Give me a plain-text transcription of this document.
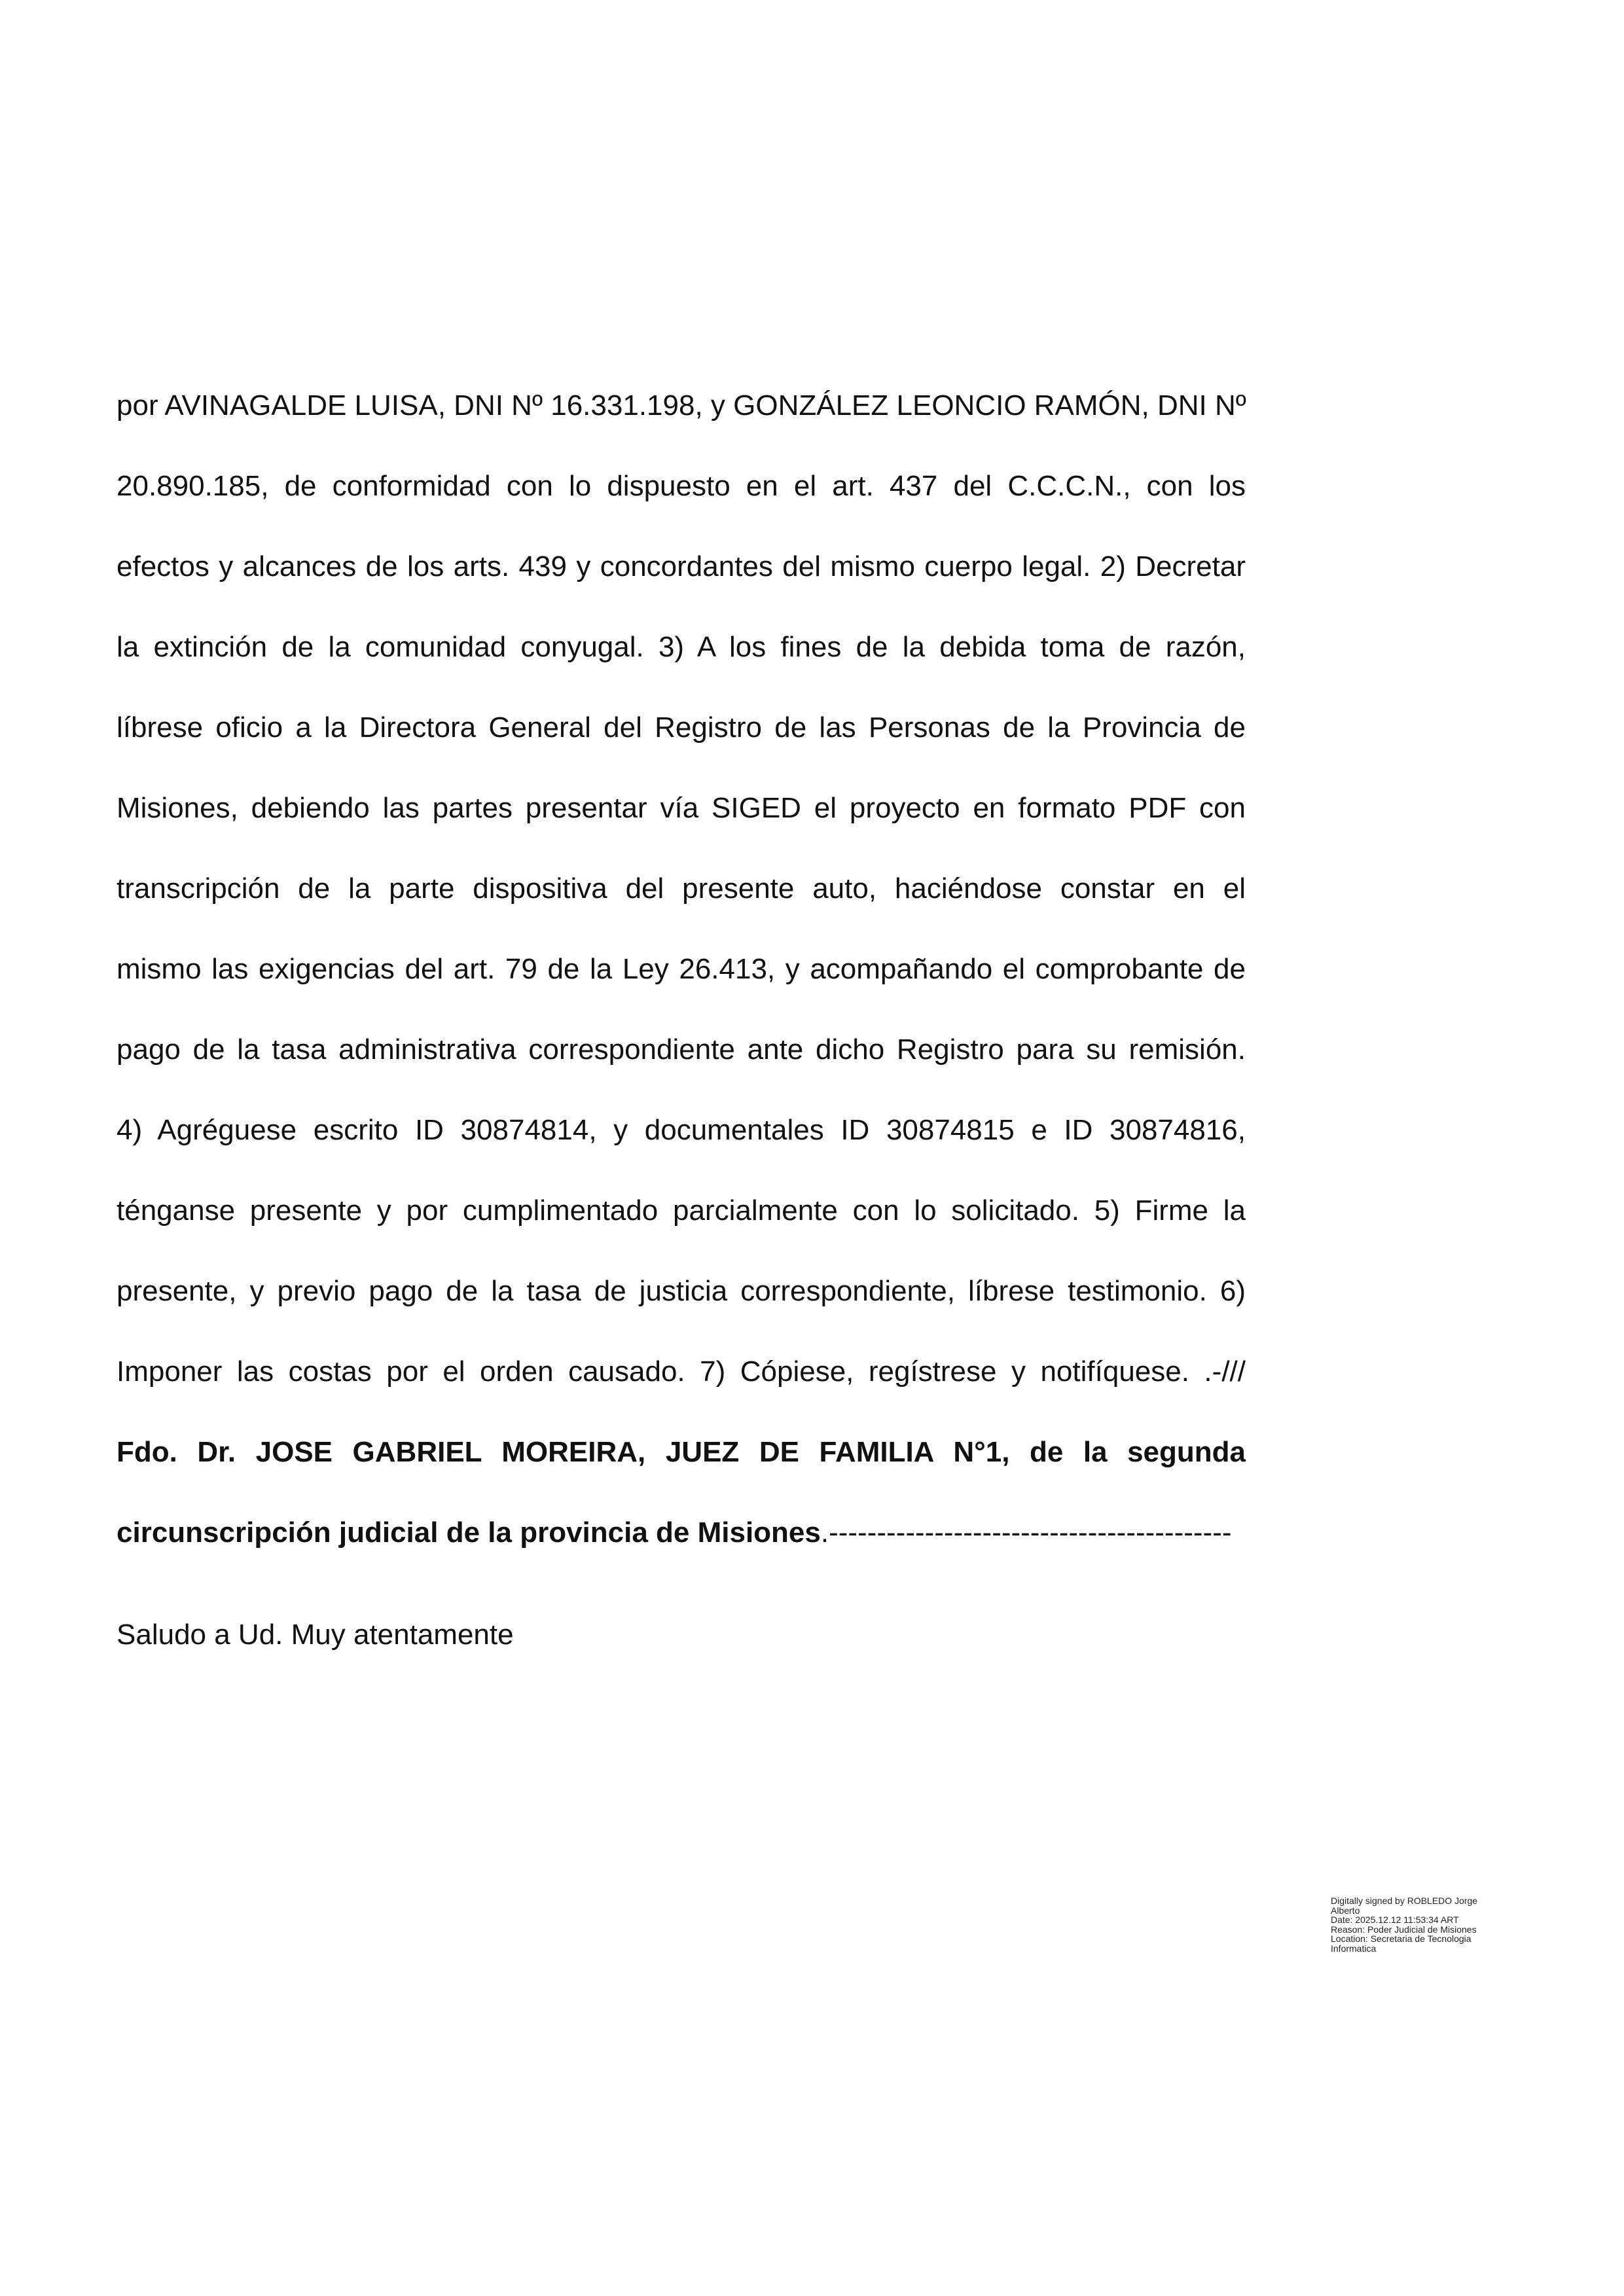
por AVINAGALDE LUISA, DNI Nº 16.331.198, y GONZÁLEZ LEONCIO RAMÓN, DNI Nº
20.890.185, de conformidad con lo dispuesto en el art. 437 del C.C.C.N., con los
efectos y alcances de los arts. 439 y concordantes del mismo cuerpo legal. 2) Decretar
la extinción de la comunidad conyugal. 3) A los fines de la debida toma de razón,
líbrese oficio a la Directora General del Registro de las Personas de la Provincia de
Misiones, debiendo las partes presentar vía SIGED el proyecto en formato PDF con
transcripción de la parte dispositiva del presente auto, haciéndose constar en el
mismo las exigencias del art. 79 de la Ley 26.413, y acompañando el comprobante de
pago de la tasa administrativa correspondiente ante dicho Registro para su remisión.
4) Agréguese escrito ID 30874814, y documentales ID 30874815 e ID 30874816,
ténganse presente y por cumplimentado parcialmente con lo solicitado. 5) Firme la
presente, y previo pago de la tasa de justicia correspondiente, líbrese testimonio. 6)
Imponer las costas por el orden causado. 7) Cópiese, regístrese y notifíquese. .-///
Fdo. Dr. JOSE GABRIEL MOREIRA, JUEZ DE FAMILIA N°1, de la segunda
circunscripción judicial de la provincia de Misiones.------------------------------------------
Saludo a Ud. Muy atentamente
Digitally signed by ROBLEDO Jorge
Alberto
Date: 2025.12.12 11:53:34 ART
Reason: Poder Judicial de Misiones
Location: Secretaria de Tecnologia
Informatica
